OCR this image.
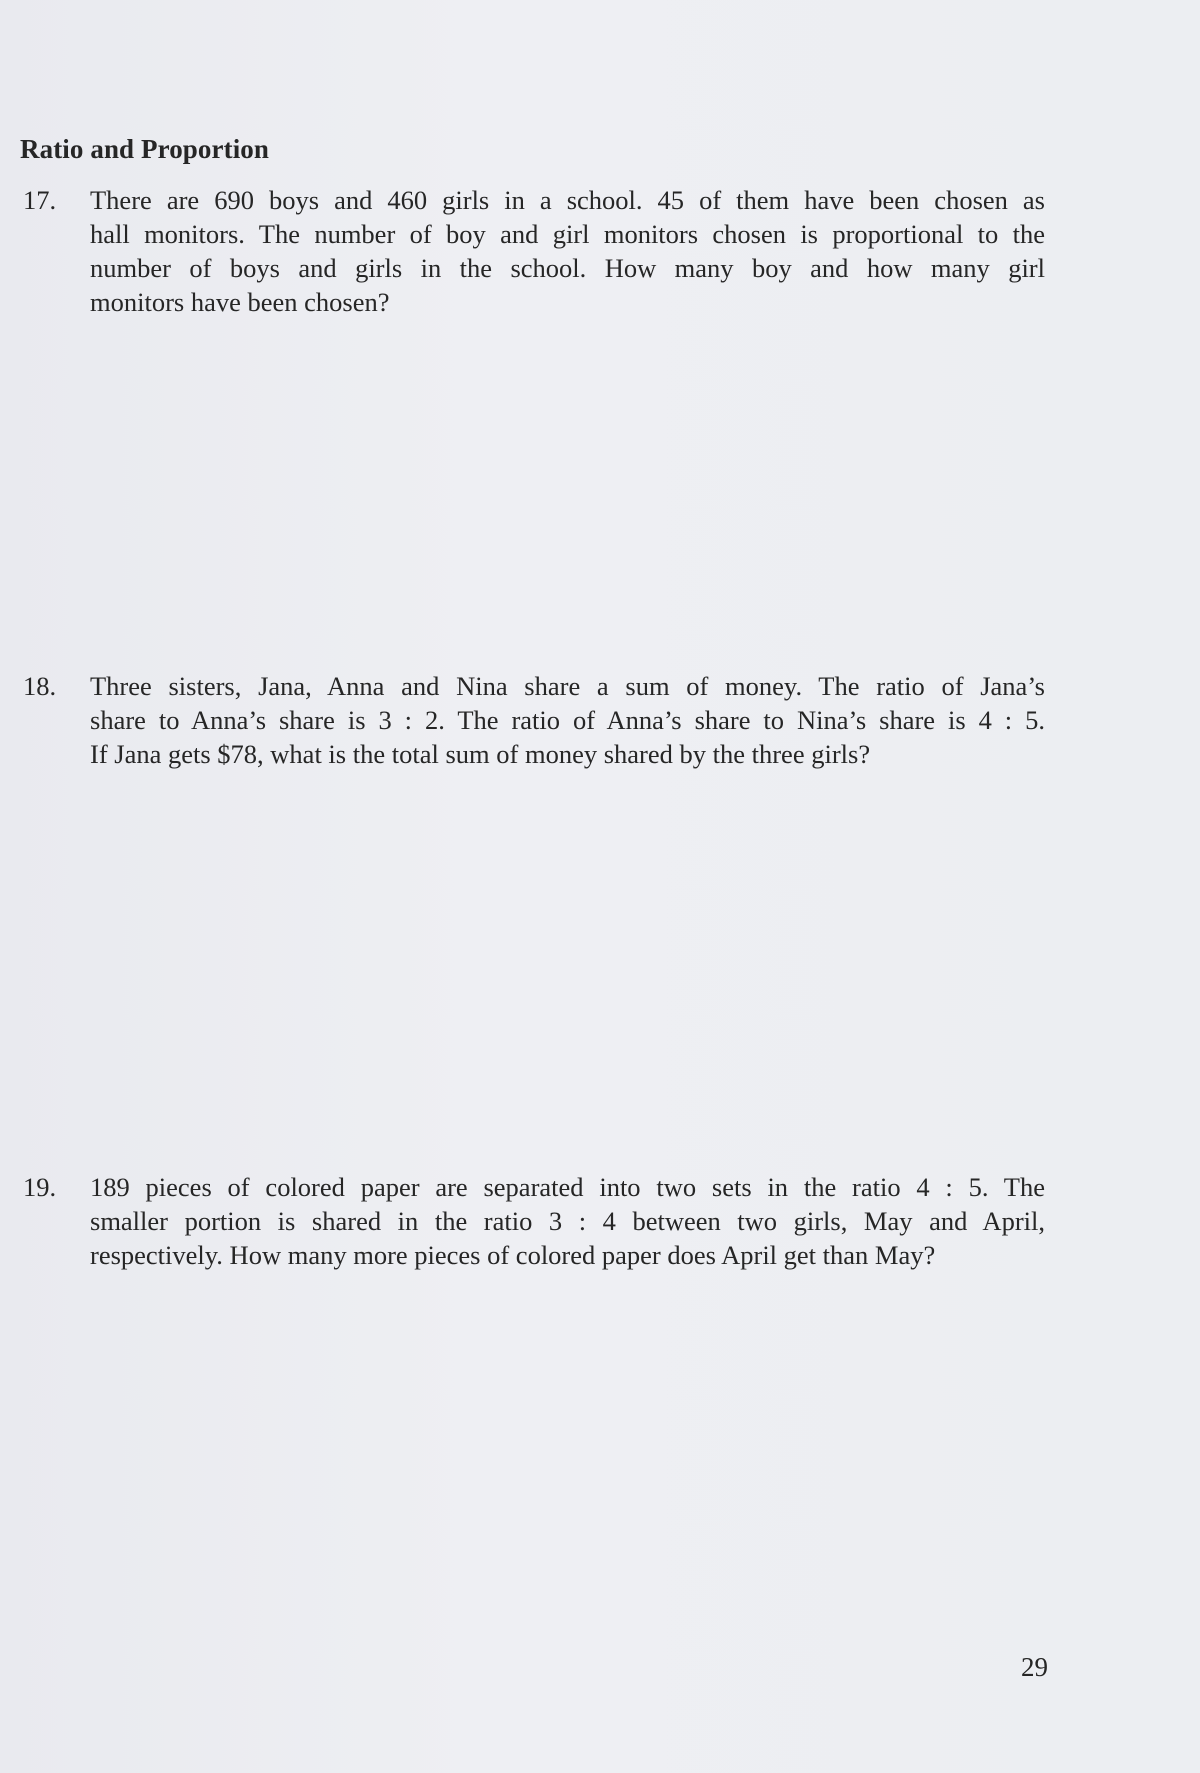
Ratio and Proportion
17. There are 690 boys and 460 girls in a school. 45 of them have been chosen as
hall monitors. The number of boy and girl monitors chosen is proportional to the
number of boys and girls in the school. How many boy and how many girl
monitors have been chosen?
18. Three sisters, Jana, Anna and Nina share a sum of money. The ratio of Jana’s
share to Anna’s share is 3 : 2. The ratio of Anna’s share to Nina’s share is 4 : 5.
If Jana gets $78, what is the total sum of money shared by the three girls?
19. 189 pieces of colored paper are separated into two sets in the ratio 4 : 5. The
smaller portion is shared in the ratio 3 : 4 between two girls, May and April,
respectively. How many more pieces of colored paper does April get than May?
29
